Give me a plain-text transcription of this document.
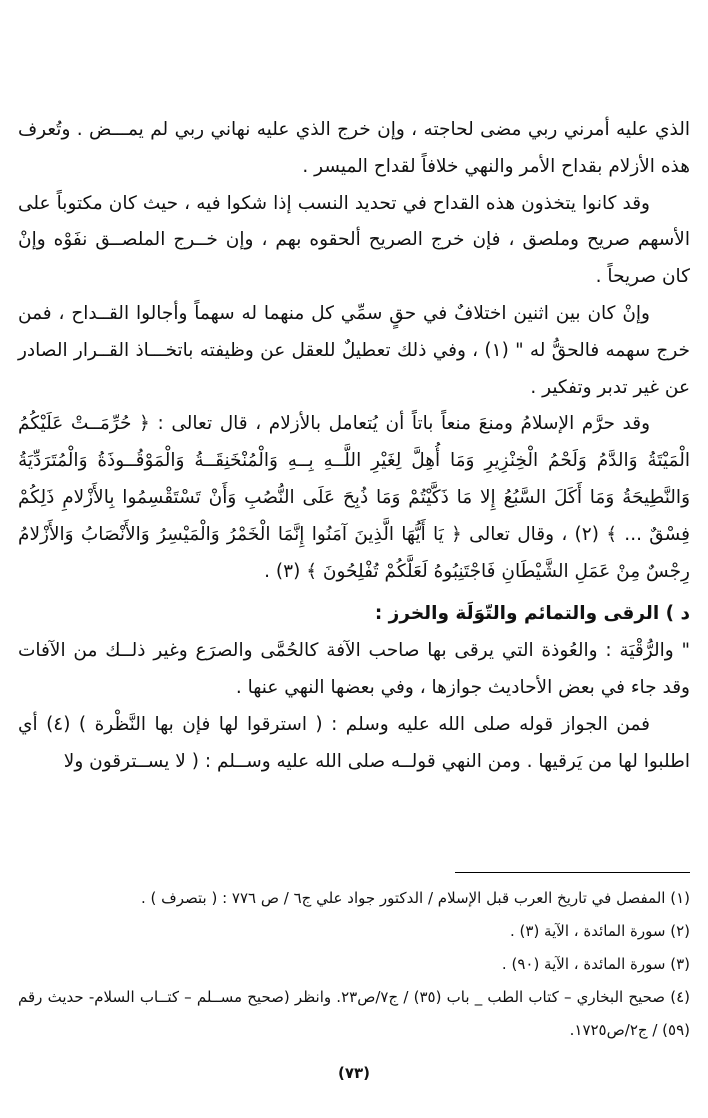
الذي عليه أمرني ربي مضى لحاجته ، وإن خرج الذي عليه نهاني ربي لم يمـــض . وتُعرف هذه الأزلام بقداح الأمر والنهي خلافاً لقداح الميسر .

وقد كانوا يتخذون هذه القداح في تحديد النسب إذا شكوا فيه ، حيث كان مكتوباً على الأسهم صريح وملصق ، فإن خرج الصريح ألحقوه بهم ، وإن خــرج الملصــق نفَوْه وإنْ كان صريحاً .

وإنْ كان بين اثنين اختلافٌ في حقٍ سمِّي كل منهما له سهماً وأجالوا القــداح ، فمن خرج سهمه فالحقُّ له " (١) ، وفي ذلك تعطيلٌ للعقل عن وظيفته باتخـــاذ القــرار الصادر عن غير تدبر وتفكير .

وقد حرَّم الإسلامُ ومنعَ منعاً باتاً أن يُتعامل بالأزلام ، قال تعالى : ﴿ حُرِّمَــتْ عَلَيْكُمُ الْمَيْتَةُ وَالدَّمُ وَلَحْمُ الْخِنْزِيرِ وَمَا أُهِلَّ لِغَيْرِ اللَّــهِ بِــهِ وَالْمُنْخَنِقَــةُ وَالْمَوْقُــوذَةُ وَالْمُتَرَدِّيَةُ وَالنَّطِيحَةُ وَمَا أَكَلَ السَّبُعُ إِلا مَا ذَكَّيْتُمْ وَمَا ذُبِحَ عَلَى النُّصُبِ وَأَنْ تَسْتَقْسِمُوا بِالأَزْلامِ ذَلِكُمْ فِسْقٌ ... ﴾ (٢) ، وقال تعالى ﴿ يَا أَيُّهَا الَّذِينَ آمَنُوا إِنَّمَا الْخَمْرُ وَالْمَيْسِرُ وَالأَنْصَابُ وَالأَزْلامُ رِجْسٌ مِنْ عَمَلِ الشَّيْطَانِ فَاجْتَنِبُوهُ لَعَلَّكُمْ تُفْلِحُونَ ﴾ (٣) .

د ) الرقى والتمائم والتّوَلَة والخرز :

" والرُّقْيَة : والعُوذة التي يرقى بها صاحب الآفة كالحُمَّى والصرَع وغير ذلــك من الآفات وقد جاء في بعض الأحاديث جوازها ، وفي بعضها النهي عنها .

فمن الجواز قوله صلى الله عليه وسلم : ( استرقوا لها فإن بها النَّظْرة ) (٤) أي اطلبوا لها من يَرقيها . ومن النهي قولــه صلى الله عليه وســلم : ( لا يســترقون ولا

(١) المفصل في تاريخ العرب قبل الإسلام / الدكتور جواد علي ج٦ / ص ٧٧٦ : ( بتصرف ) .

(٢) سورة المائدة ، الآية (٣) .

(٣) سورة المائدة ، الآية (٩٠) .

(٤) صحيح البخاري – كتاب الطب _ باب (٣٥) / ج٧/ص٢٣. وانظر (صحيح مســلم – كتــاب السلام- حديث رقم (٥٩) / ج٢/ص١٧٢٥.

(٧٣)
